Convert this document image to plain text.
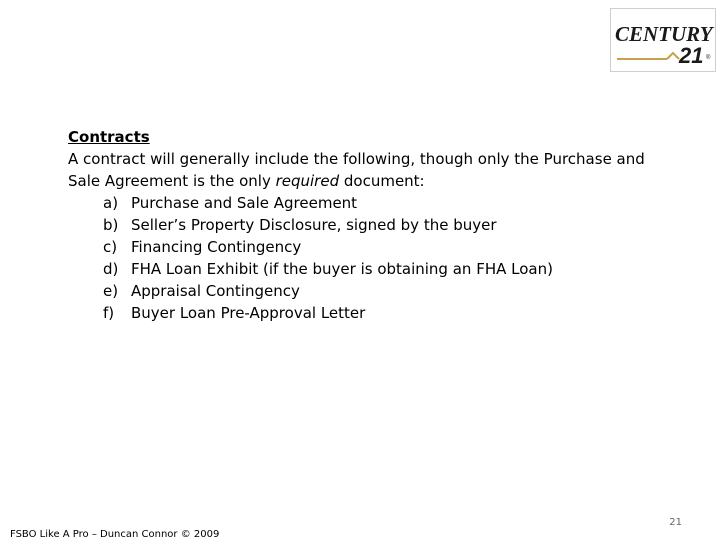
CENTURY
21 ®
Contracts
A contract will generally include the following, though only the Purchase and
Sale Agreement is the only required document:
a) Purchase and Sale Agreement
b) Seller’s Property Disclosure, signed by the buyer
c) Financing Contingency
d) FHA Loan Exhibit (if the buyer is obtaining an FHA Loan)
e) Appraisal Contingency
f) Buyer Loan Pre-Approval Letter
21
FSBO Like A Pro – Duncan Connor © 2009
